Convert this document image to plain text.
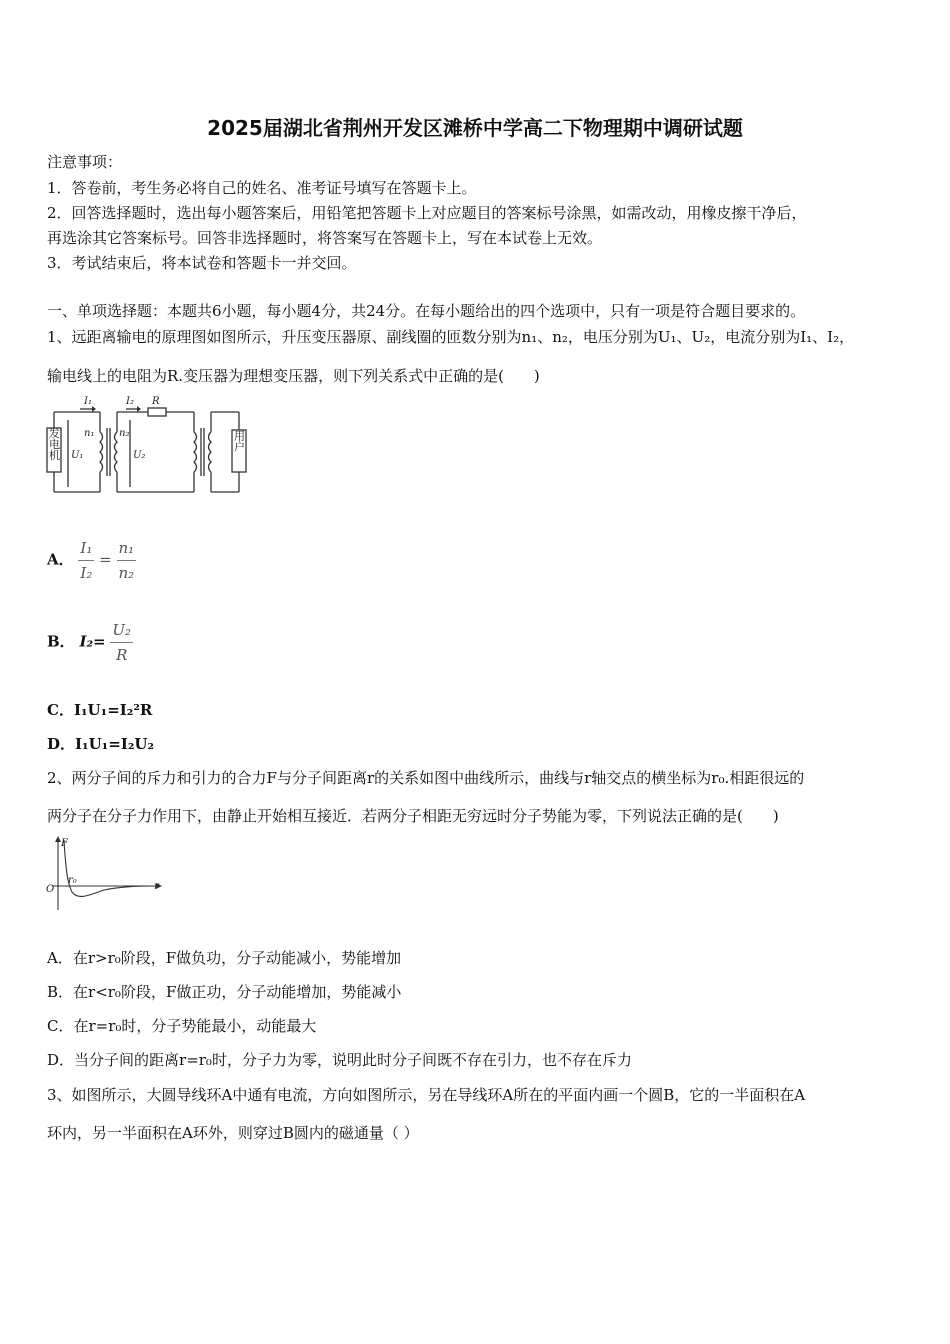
2025届湖北省荆州开发区滩桥中学高二下物理期中调研试题
注意事项：
1．答卷前，考生务必将自己的姓名、准考证号填写在答题卡上。
2．回答选择题时，选出每小题答案后，用铅笔把答题卡上对应题目的答案标号涂黑，如需改动，用橡皮擦干净后，
再选涂其它答案标号。回答非选择题时，将答案写在答题卡上，写在本试卷上无效。
3．考试结束后，将本试卷和答题卡一并交回。
一、单项选择题：本题共6小题，每小题4分，共24分。在每小题给出的四个选项中，只有一项是符合题目要求的。
1、远距离输电的原理图如图所示，升压变压器原、副线圈的匝数分别为n₁、n₂，电压分别为U₁、U₂，电流分别为I₁、I₂，
输电线上的电阻为R.变压器为理想变压器，则下列关系式中正确的是(　　)
I₁	I₂ R
n₁ n₂
U₁	U₂
发电机	用户
A． $\frac{\text{I₁}}{\text{I₂}} = \frac{\text{n₁}}{\text{n₂}}$
B． $I_2= \frac{\text{U₂}}{R}$
C．I₁U₁=I₂²R
D．I₁U₁=I₂U₂
2、两分子间的斥力和引力的合力F与分子间距离r的关系如图中曲线所示，曲线与r轴交点的横坐标为r₀.相距很远的
两分子在分子力作用下，由静止开始相互接近．若两分子相距无穷远时分子势能为零，下列说法正确的是(　　)
F
O
r₀
r
A．在r>r₀阶段，F做负功，分子动能减小，势能增加
B．在r<r₀阶段，F做正功，分子动能增加，势能减小
C．在r=r₀时，分子势能最小，动能最大
D．当分子间的距离r=r₀时，分子力为零，说明此时分子间既不存在引力，也不存在斥力
3、如图所示，大圆导线环A中通有电流，方向如图所示，另在导线环A所在的平面内画一个圆B，它的一半面积在A
环内，另一半面积在A环外，则穿过B圆内的磁通量（ ）
